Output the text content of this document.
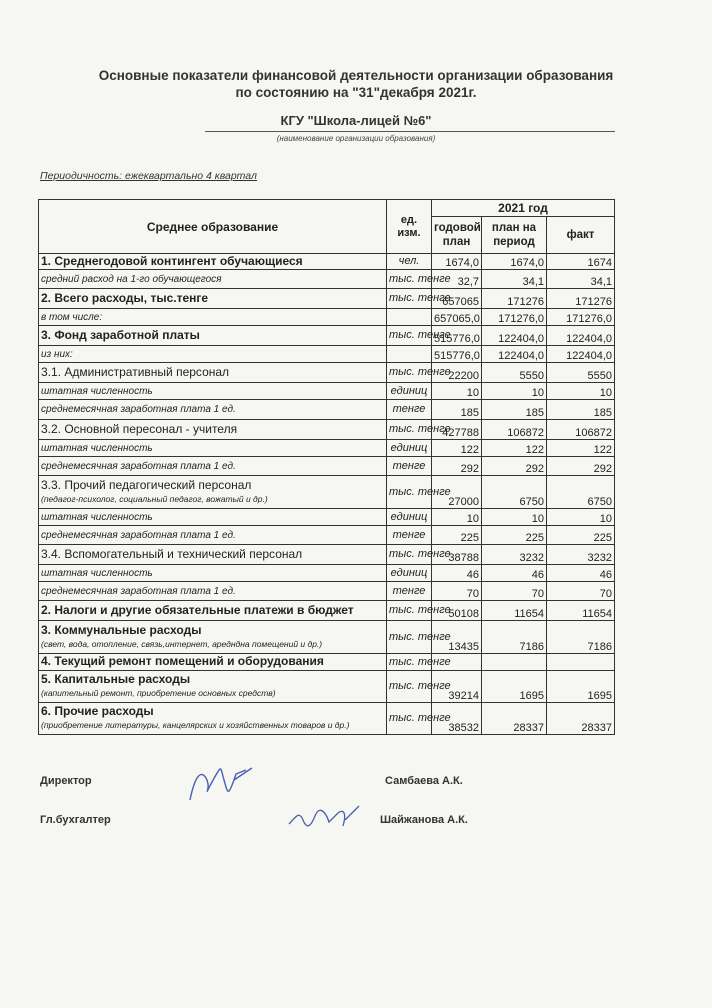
Основные показатели финансовой деятельности организации образования
по состоянию на "31"декабря 2021г.
КГУ "Школа-лицей №6"
(наименование организации образования)
Периодичность: ежеквартально 4 квартал
Среднее образование	ед. изм.	2021 год		
		годовой план	план на период	факт
1. Среднегодовой контингент обучающиеся	чел.	1674,0	1674,0	1674
средний расход на 1-го обучающегося	тыс. тенге	32,7	34,1	34,1
2. Всего расходы, тыс.тенге	тыс. тенге	657065	171276	171276
в том числе:		657065,0	171276,0	171276,0
3. Фонд заработной платы	тыс. тенге	515776,0	122404,0	122404,0
из них:		515776,0	122404,0	122404,0
3.1. Административный персонал	тыс. тенге	22200	5550	5550
штатная численность	единиц	10	10	10
среднемесячная заработная плата 1 ед.	тенге	185	185	185
3.2. Основной пересонал - учителя	тыс. тенге	427788	106872	106872
штатная численность	единиц	122	122	122
среднемесячная заработная плата 1 ед.	тенге	292	292	292
3.3. Прочий педагогический персонал
(педагог-психолог, социальный педагог, вожатый и др.)	тыс. тенге	27000	6750	6750
штатная численность	единиц	10	10	10
среднемесячная заработная плата 1 ед.	тенге	225	225	225
3.4. Вспомогательный и технический персонал	тыс. тенге	38788	3232	3232
штатная численность	единиц	46	46	46
среднемесячная заработная плата 1 ед.	тенге	70	70	70
2. Налоги и другие обязательные платежи в бюджет	тыс. тенге	50108	11654	11654
3. Коммунальные расходы
(свет, вода, отопление, связь,интернет, аредндна помещений и др.)	тыс. тенге	13435	7186	7186
4. Текущий ремонт помещений и оборудования	тыс. тенге			
5. Капитальные расходы
(капительный ремонт, приобретение основных средств)	тыс. тенге	39214	1695	1695
6. Прочие расходы
(приобретение литературы, канцелярских и хозяйственных товаров и др.)	тыс. тенге	38532	28337	28337
Директор	Самбаева А.К.
Гл.бухгалтер	Шайжанова А.К.
